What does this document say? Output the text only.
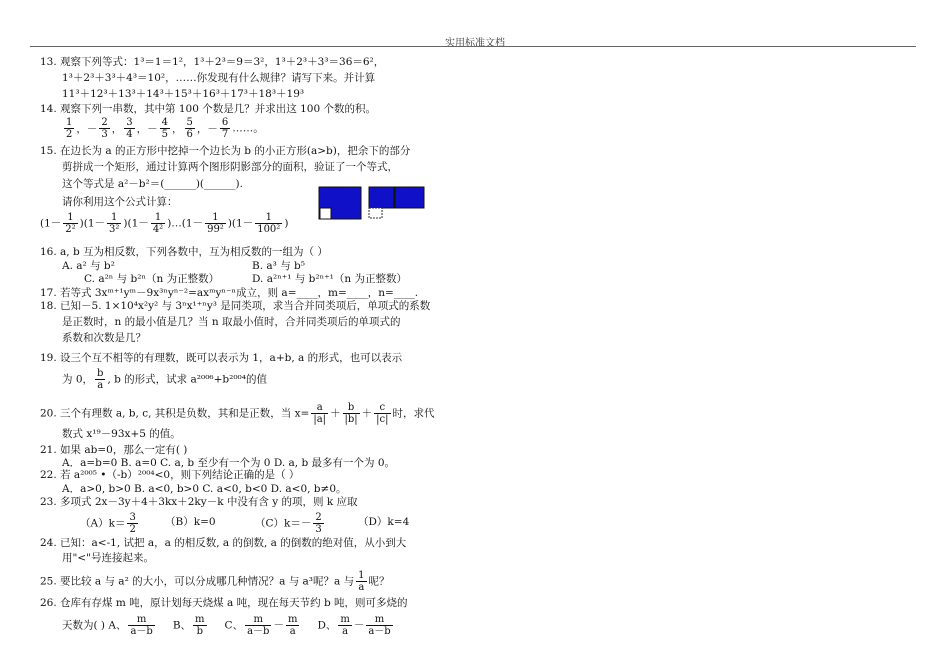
实用标准文档
13. 观察下列等式：1³＝1＝1²，1³＋2³＝9＝3²，1³＋2³＋3³＝36＝6²，
1³＋2³＋3³＋4³＝10²，……你发现有什么规律？请写下来。并计算
11³＋12³＋13³＋14³＋15³＋16³＋17³＋18³＋19³
14. 观察下列一串数，其中第 100 个数是几？并求出这 100 个数的积。
$\frac{1}{2}$ ，－ $\frac{2}{3}$ ， $\frac{3}{4}$ ，－ $\frac{4}{5}$ ， $\frac{5}{6}$ ，－ $\frac{6}{7}$ ……。
15. 在边长为 a 的正方形中挖掉一个边长为 b 的小正方形(a>b)，把余下的部分
剪拼成一个矩形，通过计算两个图形阴影部分的面积，验证了一个等式，
这个等式是 a²－b²＝(______)(______).
请你利用这个公式计算：
$(1- \frac{1}{\text{2²}} )(1- \frac{1}{\text{3²}} )(1- \frac{1}{\text{4²}}$ )…(1－ $\frac{1}{\text{99²}} )(1- \frac{1}{\text{100²}}$ )
16. a, b 互为相反数，下列各数中，互为相反数的一组为（ ）
A. a² 与 b²	B. a³ 与 b⁵
C. a²ⁿ 与 b²ⁿ（n 为正整数）	D. a²ⁿ⁺¹ 与 b²ⁿ⁺¹（n 为正整数）
17. 若等式 3xᵐ⁺¹yᵐ－9x³ⁿyⁿ⁻²=axᵐyⁿ⁻ⁿ成立，则 a=____，m=____，n=____.
18. 已知－5. 1×10⁴x²y² 与 3ⁿx¹⁺ⁿy³ 是同类项，求当合并同类项后，单项式的系数
是正数时，n 的最小值是几？当 n 取最小值时，合并同类项后的单项式的
系数和次数是几？
19. 设三个互不相等的有理数，既可以表示为 1，a+b, a 的形式，也可以表示
为 0， $\frac{b}{a}$ , b 的形式，试求 a²⁰⁰⁶+b²⁰⁰⁴的值
20. 三个有理数 a, b, c, 其积是负数，其和是正数，当 $x= \frac{a}{|a|} + \frac{b}{|b|} + \frac{c}{|c|}$ 时，求代
数式 x¹⁹－93x+5 的值。
21. 如果 ab=0，那么一定有( )
A．a=b=0 B. a=0 C. a, b 至少有一个为 0 D. a, b 最多有一个为 0。
22. 若 a²⁰⁰⁵ •（-b）²⁰⁰⁴<0，则下列结论正确的是（ ）
A．a>0, b>0 B. a<0, b>0 C. a<0, b<0 D. a<0, b≠0。
23. 多项式 2x－3y＋4＋3kx＋2ky－k 中没有含 y 的项，则 k 应取
$(A)k= \frac{3}{2}$	（B）k=0	$(C)k=- \frac{2}{3}$	（D）k=4
24. 已知：a<-1, 试把 a，a 的相反数, a 的倒数, a 的倒数的绝对值，从小到大
用"<"号连接起来。
25. 要比较 a 与 a² 的大小，可以分成哪几种情况？a 与 a³呢？a 与 $\frac{1}{a}$ 呢？
26. 仓库有存煤 m 吨，原计划每天烧煤 a 吨，现在每天节约 b 吨，则可多烧的
天数为( ) A、 $\frac{m}{a-b}$ B、 $\frac{m}{b}$ C、 $\frac{m}{a-b} - \frac{m}{a}$ D、 $\frac{m}{a} - \frac{m}{a-b}$
